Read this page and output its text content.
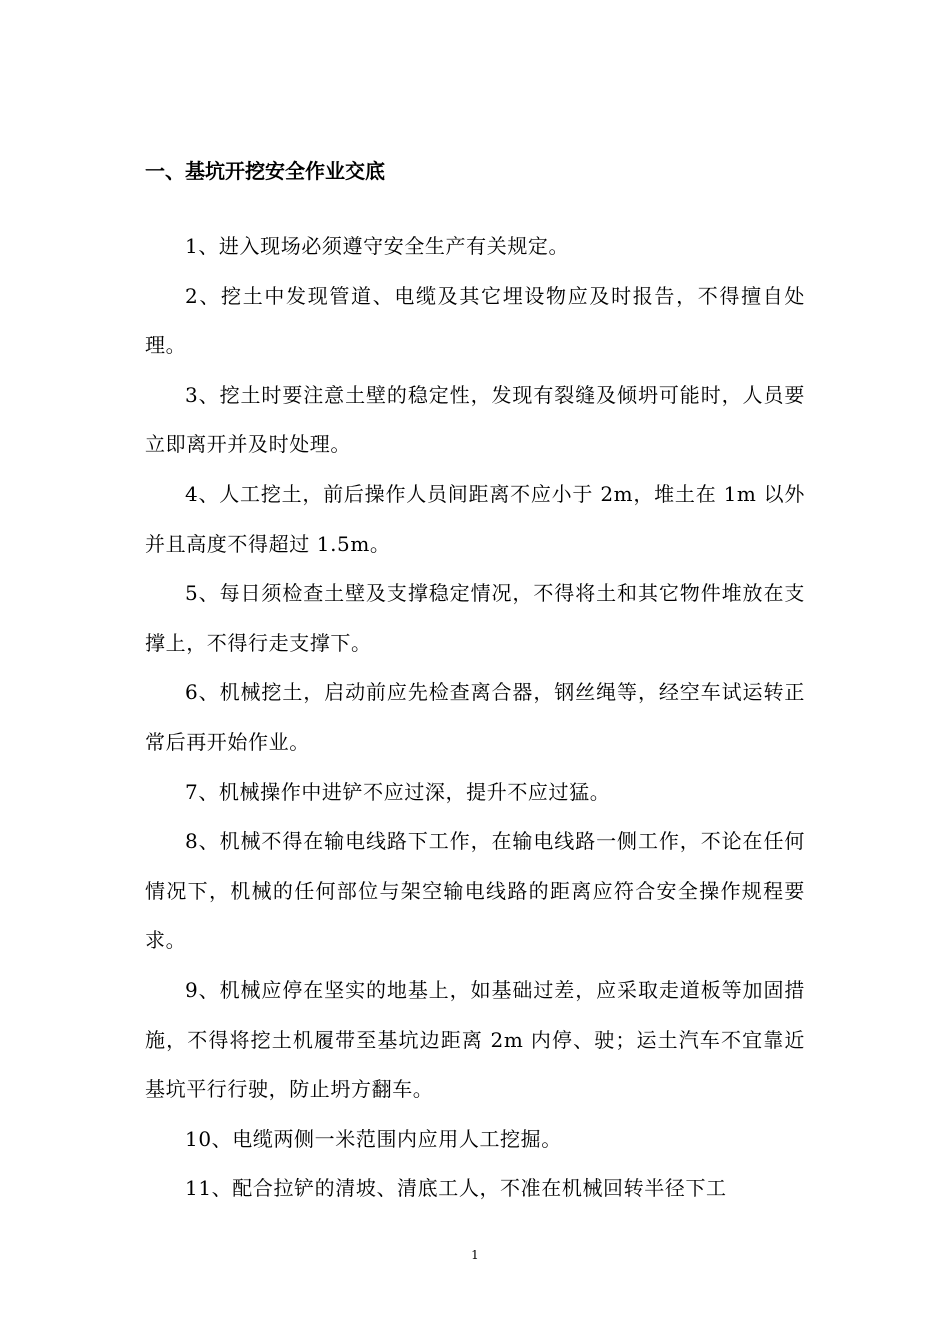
一、基坑开挖安全作业交底

1、进入现场必须遵守安全生产有关规定。

2、挖土中发现管道、电缆及其它埋设物应及时报告，不得擅自处理。

3、挖土时要注意土壁的稳定性，发现有裂缝及倾坍可能时，人员要立即离开并及时处理。

4、人工挖土，前后操作人员间距离不应小于 2m，堆土在 1m 以外并且高度不得超过 1.5m。

5、每日须检查土壁及支撑稳定情况，不得将土和其它物件堆放在支撑上，不得行走支撑下。

6、机械挖土，启动前应先检查离合器，钢丝绳等，经空车试运转正常后再开始作业。

7、机械操作中进铲不应过深，提升不应过猛。

8、机械不得在输电线路下工作，在输电线路一侧工作，不论在任何情况下，机械的任何部位与架空输电线路的距离应符合安全操作规程要求。

9、机械应停在坚实的地基上，如基础过差，应采取走道板等加固措施，不得将挖土机履带至基坑边距离 2m 内停、驶；运土汽车不宜靠近基坑平行行驶，防止坍方翻车。

10、电缆两侧一米范围内应用人工挖掘。

11、配合拉铲的清坡、清底工人，不准在机械回转半径下工

1
